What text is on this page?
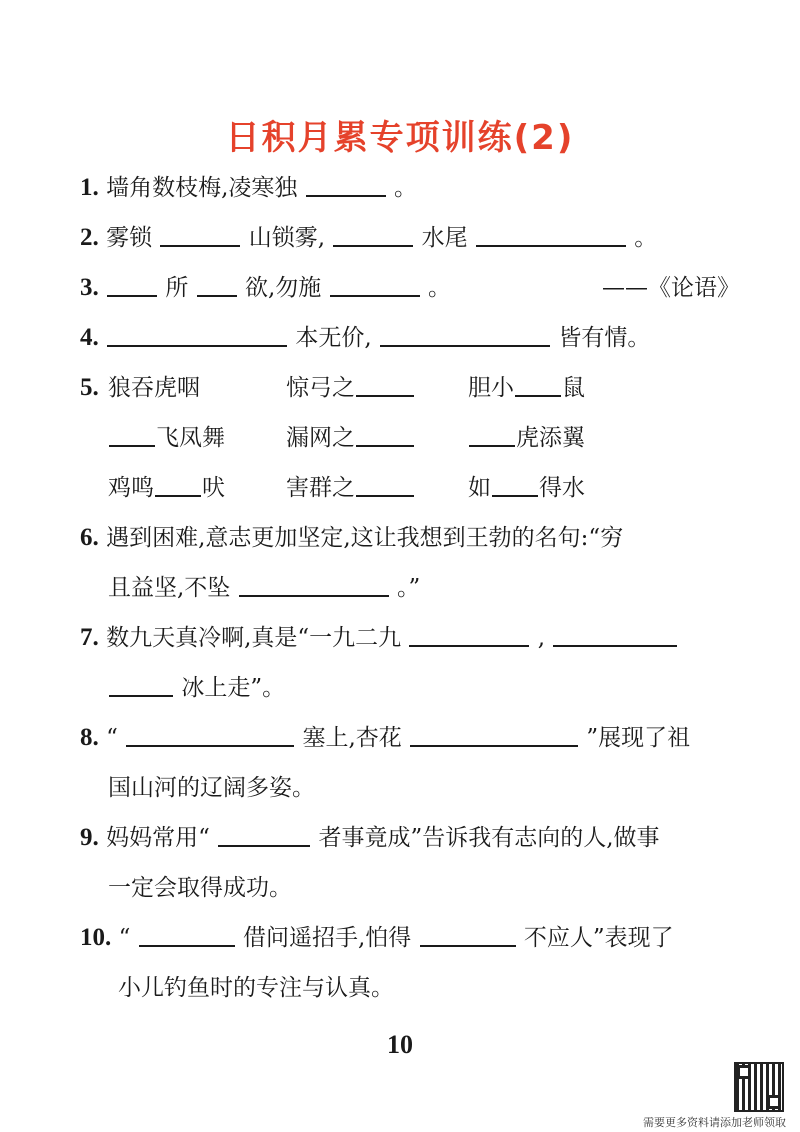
日积月累专项训练(2)
1. 墙角数枝梅,凌寒独	。
2. 雾锁	山锁雾,	水尾	。
3.	所 欲,勿施	。	——《论语》
4.	本无价,	皆有情。
5. 狼吞虎咽	惊弓之	胆小 鼠
飞凤舞	漏网之	虎添翼
鸡鸣 吠	害群之	如 得水
6. 遇到困难,意志更加坚定,这让我想到王勃的名句:“穷
且益坚,不坠	。”
7. 数九天真冷啊,真是“一九二九	,
冰上走”。
8. “	塞上,杏花	”展现了祖
国山河的辽阔多姿。
9. 妈妈常用“	者事竟成”告诉我有志向的人,做事
一定会取得成功。
10. “	借问遥招手,怕得	不应人”表现了
小儿钓鱼时的专注与认真。
10
需要更多资料请添加老师领取
